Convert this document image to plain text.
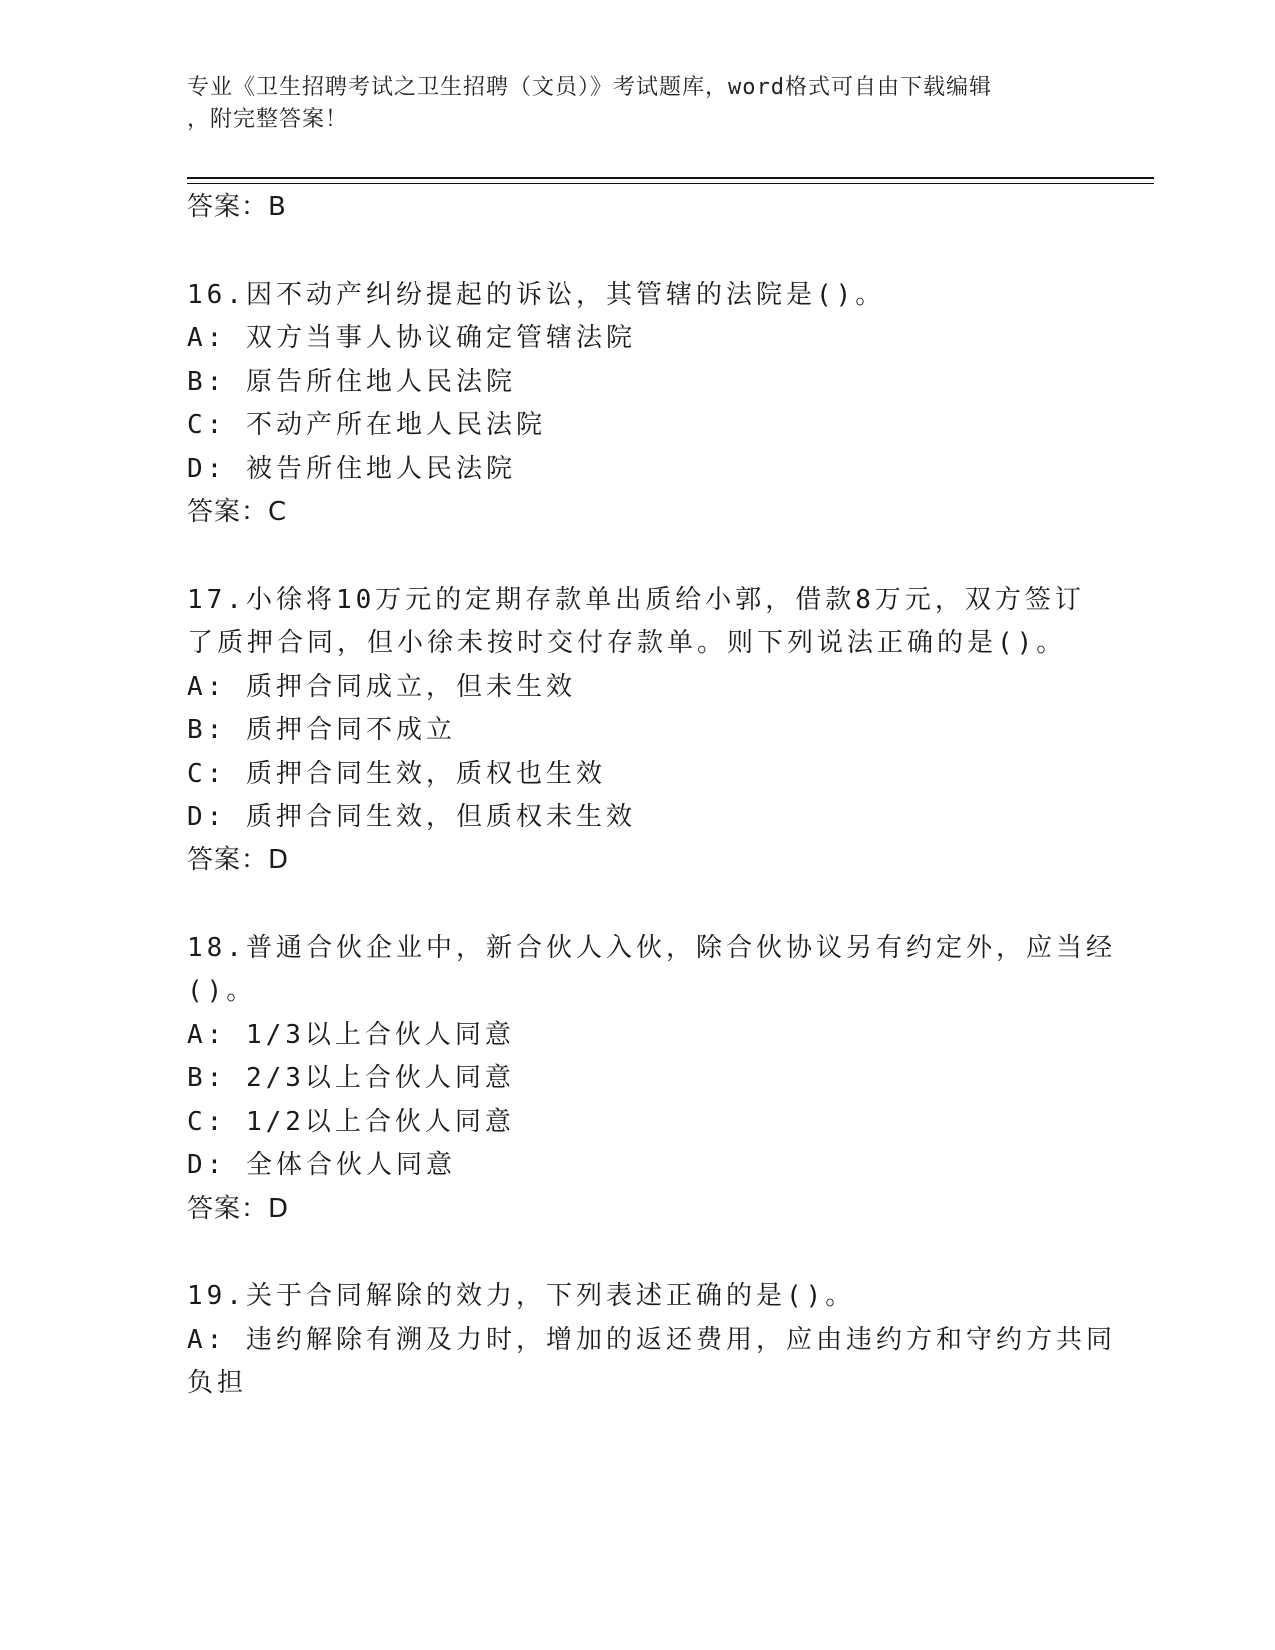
专业《卫生招聘考试之卫生招聘（文员）》考试题库，word格式可自由下载编辑
，附完整答案！
答案：B
16.因不动产纠纷提起的诉讼，其管辖的法院是()。
A: 双方当事人协议确定管辖法院
B: 原告所住地人民法院
C: 不动产所在地人民法院
D: 被告所住地人民法院
答案：C
17.小徐将10万元的定期存款单出质给小郭，借款8万元，双方签订
了质押合同，但小徐未按时交付存款单。则下列说法正确的是()。
A: 质押合同成立，但未生效
B: 质押合同不成立
C: 质押合同生效，质权也生效
D: 质押合同生效，但质权未生效
答案：D
18.普通合伙企业中，新合伙人入伙，除合伙协议另有约定外，应当经
()。
A: 1/3以上合伙人同意
B: 2/3以上合伙人同意
C: 1/2以上合伙人同意
D: 全体合伙人同意
答案：D
19.关于合同解除的效力，下列表述正确的是()。
A: 违约解除有溯及力时，增加的返还费用，应由违约方和守约方共同
负担
